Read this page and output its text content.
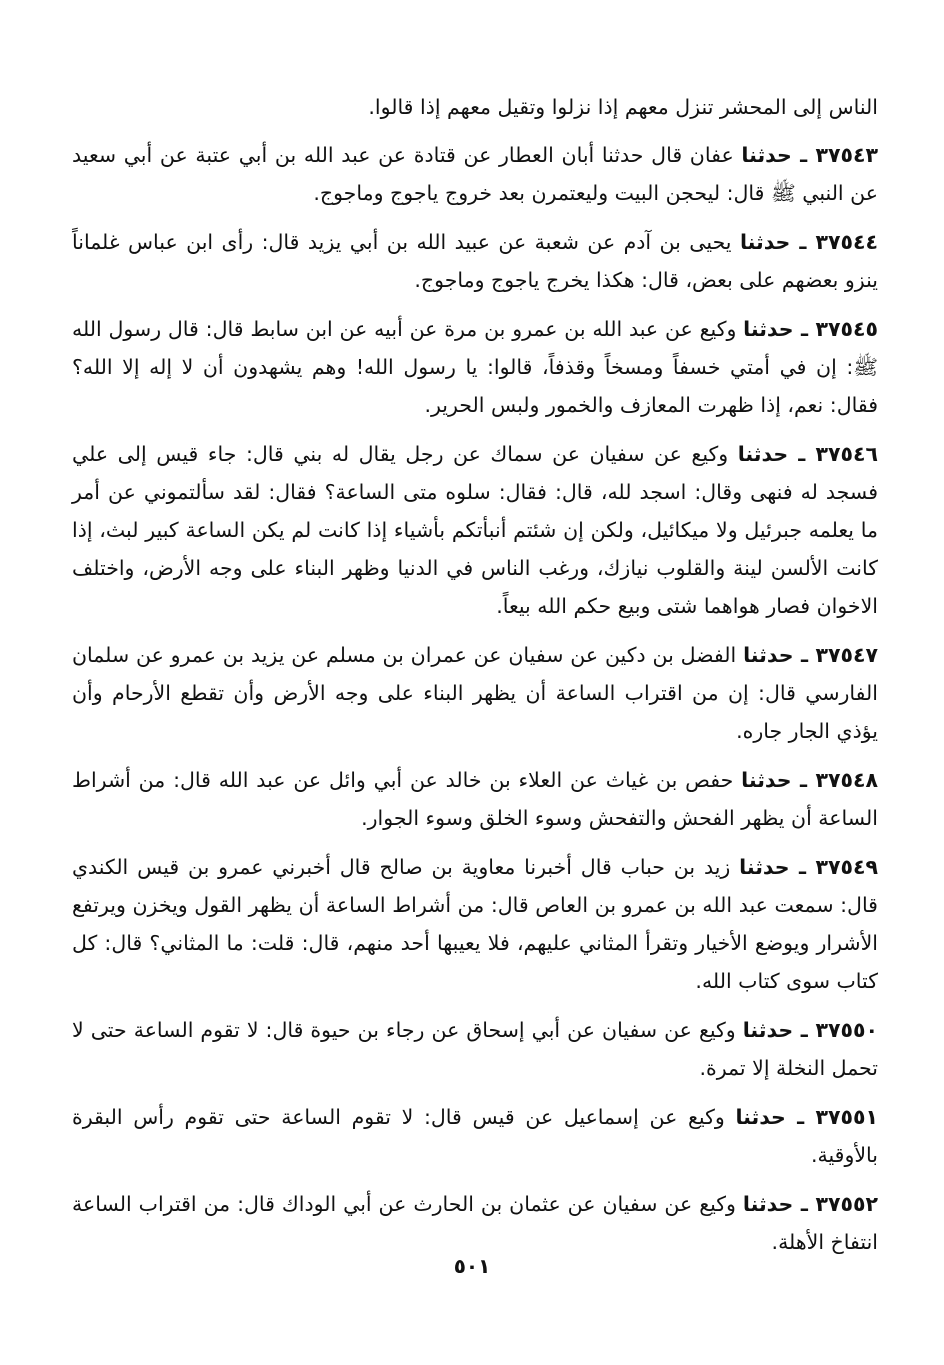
الناس إلى المحشر تنزل معهم إذا نزلوا وتقيل معهم إذا قالوا.

٣٧٥٤٣ ـ حدثنا عفان قال حدثنا أبان العطار عن قتادة عن عبد الله بن أبي عتبة عن أبي سعيد عن النبي ﷺ قال: ليحجن البيت وليعتمرن بعد خروج ياجوج وماجوج.

٣٧٥٤٤ ـ حدثنا يحيى بن آدم عن شعبة عن عبيد الله بن أبي يزيد قال: رأى ابن عباس غلماناً ينزو بعضهم على بعض، قال: هكذا يخرج ياجوج وماجوج.

٣٧٥٤٥ ـ حدثنا وكيع عن عبد الله بن عمرو بن مرة عن أبيه عن ابن سابط قال: قال رسول الله ﷺ: إن في أمتي خسفاً ومسخاً وقذفاً، قالوا: يا رسول الله! وهم يشهدون أن لا إله إلا الله؟ فقال: نعم، إذا ظهرت المعازف والخمور ولبس الحرير.

٣٧٥٤٦ ـ حدثنا وكيع عن سفيان عن سماك عن رجل يقال له بني قال: جاء قيس إلى علي فسجد له فنهى وقال: اسجد لله، قال: فقال: سلوه متى الساعة؟ فقال: لقد سألتموني عن أمر ما يعلمه جبرئيل ولا ميكائيل، ولكن إن شئتم أنبأتكم بأشياء إذا كانت لم يكن الساعة كبير لبث، إذا كانت الألسن لينة والقلوب نيازك، ورغب الناس في الدنيا وظهر البناء على وجه الأرض، واختلف الاخوان فصار هواهما شتى وبيع حكم الله بيعاً.

٣٧٥٤٧ ـ حدثنا الفضل بن دكين عن سفيان عن عمران بن مسلم عن يزيد بن عمرو عن سلمان الفارسي قال: إن من اقتراب الساعة أن يظهر البناء على وجه الأرض وأن تقطع الأرحام وأن يؤذي الجار جاره.

٣٧٥٤٨ ـ حدثنا حفص بن غياث عن العلاء بن خالد عن أبي وائل عن عبد الله قال: من أشراط الساعة أن يظهر الفحش والتفحش وسوء الخلق وسوء الجوار.

٣٧٥٤٩ ـ حدثنا زيد بن حباب قال أخبرنا معاوية بن صالح قال أخبرني عمرو بن قيس الكندي قال: سمعت عبد الله بن عمرو بن العاص قال: من أشراط الساعة أن يظهر القول ويخزن ويرتفع الأشرار ويوضع الأخيار وتقرأ المثاني عليهم، فلا يعيبها أحد منهم، قال: قلت: ما المثاني؟ قال: كل كتاب سوى كتاب الله.

٣٧٥٥٠ ـ حدثنا وكيع عن سفيان عن أبي إسحاق عن رجاء بن حيوة قال: لا تقوم الساعة حتى لا تحمل النخلة إلا تمرة.

٣٧٥٥١ ـ حدثنا وكيع عن إسماعيل عن قيس قال: لا تقوم الساعة حتى تقوم رأس البقرة بالأوقية.

٣٧٥٥٢ ـ حدثنا وكيع عن سفيان عن عثمان بن الحارث عن أبي الوداك قال: من اقتراب الساعة انتفاخ الأهلة.

٥٠١
